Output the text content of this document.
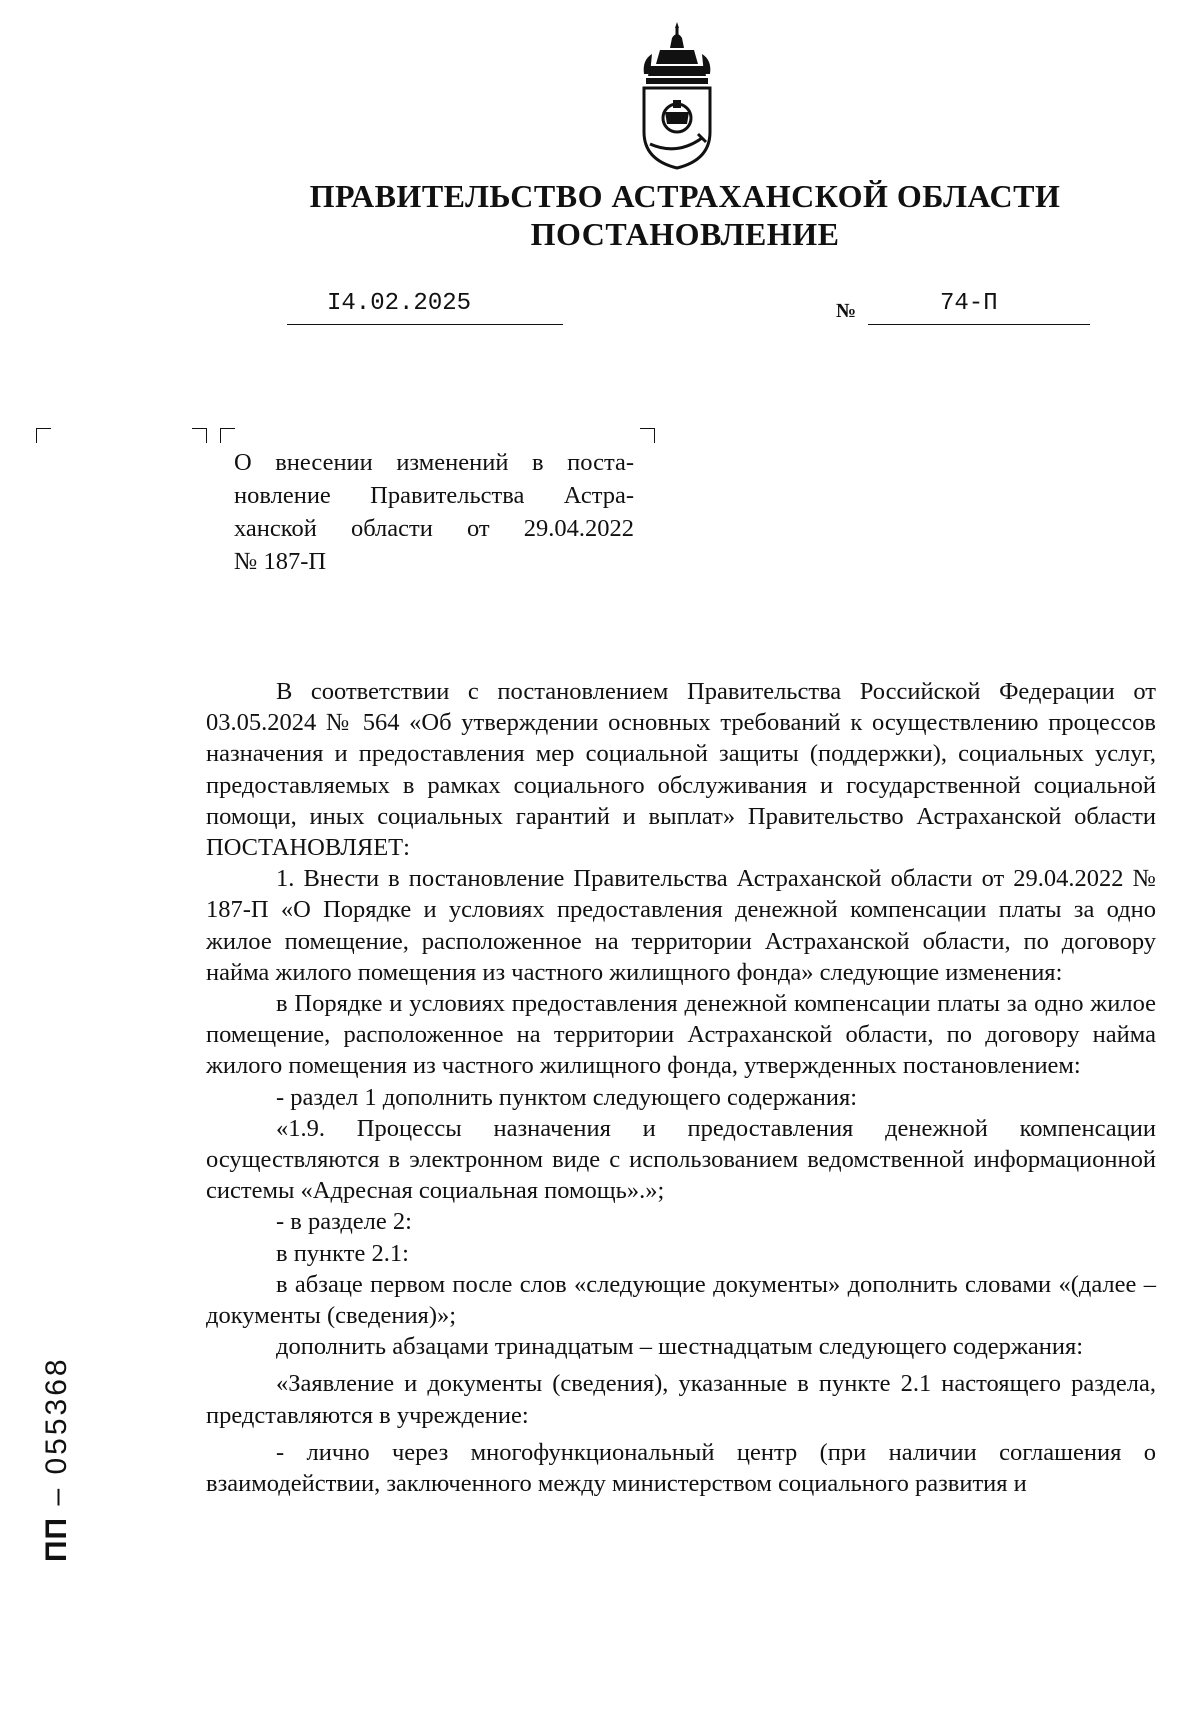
ПРАВИТЕЛЬСТВО АСТРАХАНСКОЙ ОБЛАСТИ
ПОСТАНОВЛЕНИЕ
I4.02.2025	№	74-П
О внесении изменений в поста-
новление Правительства Астра-
ханской области от 29.04.2022
№ 187-П

В соответствии с постановлением Правительства Российской Федерации от 03.05.2024 № 564 «Об утверждении основных требований к осуществлению процессов назначения и предоставления мер социальной защиты (поддержки), социальных услуг, предоставляемых в рамках социального обслуживания и государственной социальной помощи, иных социальных гарантий и выплат» Правительство Астраханской области ПОСТАНОВЛЯЕТ:

1. Внести в постановление Правительства Астраханской области от 29.04.2022 № 187-П «О Порядке и условиях предоставления денежной компенсации платы за одно жилое помещение, расположенное на территории Астраханской области, по договору найма жилого помещения из частного жилищного фонда» следующие изменения:

в Порядке и условиях предоставления денежной компенсации платы за одно жилое помещение, расположенное на территории Астраханской области, по договору найма жилого помещения из частного жилищного фонда, утвержденных постановлением:

- раздел 1 дополнить пунктом следующего содержания:

«1.9. Процессы назначения и предоставления денежной компенсации осуществляются в электронном виде с использованием ведомственной информационной системы «Адресная социальная помощь».»;

- в разделе 2:

в пункте 2.1:

в абзаце первом после слов «следующие документы» дополнить словами «(далее – документы (сведения)»;

дополнить абзацами тринадцатым – шестнадцатым следующего содержания:

«Заявление и документы (сведения), указанные в пункте 2.1 настоящего раздела, представляются в учреждение:

- лично через многофункциональный центр (при наличии соглашения о взаимодействии, заключенного между министерством социального развития и

ПП – 055368
